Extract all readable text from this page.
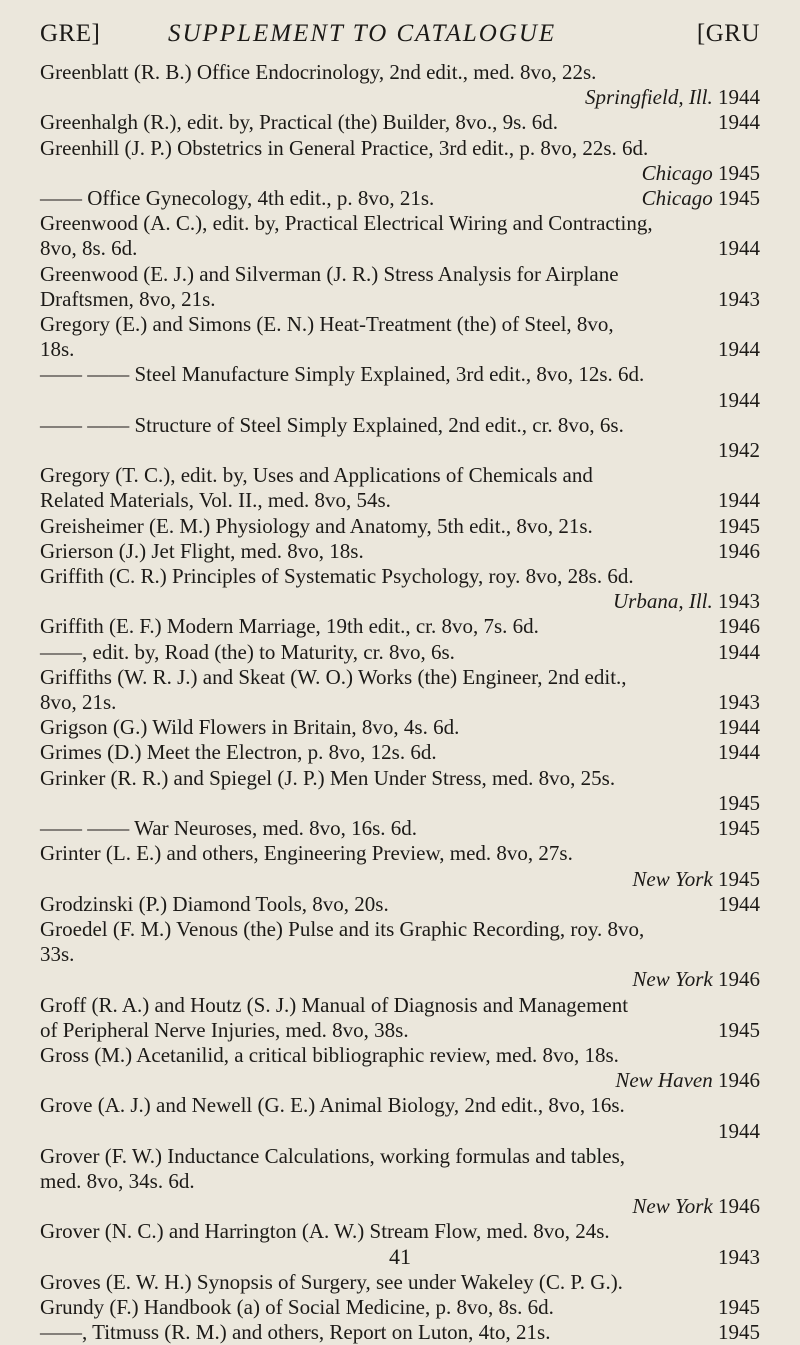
GRE]	SUPPLEMENT TO CATALOGUE	[GRU
Greenblatt (R. B.) Office Endocrinology, 2nd edit., med. 8vo, 22s.
Springfield, Ill. 1944
Greenhalgh (R.), edit. by, Practical (the) Builder, 8vo., 9s. 6d.	1944
Greenhill (J. P.) Obstetrics in General Practice, 3rd edit., p. 8vo, 22s. 6d.
Chicago 1945
—— Office Gynecology, 4th edit., p. 8vo, 21s.	Chicago 1945
Greenwood (A. C.), edit. by, Practical Electrical Wiring and Contracting,
8vo, 8s. 6d.	1944
Greenwood (E. J.) and Silverman (J. R.) Stress Analysis for Airplane
Draftsmen, 8vo, 21s.	1943
Gregory (E.) and Simons (E. N.) Heat-Treatment (the) of Steel, 8vo,
18s.	1944
—— —— Steel Manufacture Simply Explained, 3rd edit., 8vo, 12s. 6d.
1944
—— —— Structure of Steel Simply Explained, 2nd edit., cr. 8vo, 6s.
1942
Gregory (T. C.), edit. by, Uses and Applications of Chemicals and
Related Materials, Vol. II., med. 8vo, 54s.	1944
Greisheimer (E. M.) Physiology and Anatomy, 5th edit., 8vo, 21s.	1945
Grierson (J.) Jet Flight, med. 8vo, 18s.	1946
Griffith (C. R.) Principles of Systematic Psychology, roy. 8vo, 28s. 6d.
Urbana, Ill. 1943
Griffith (E. F.) Modern Marriage, 19th edit., cr. 8vo, 7s. 6d.	1946
——, edit. by, Road (the) to Maturity, cr. 8vo, 6s.	1944
Griffiths (W. R. J.) and Skeat (W. O.) Works (the) Engineer, 2nd edit.,
8vo, 21s.	1943
Grigson (G.) Wild Flowers in Britain, 8vo, 4s. 6d.	1944
Grimes (D.) Meet the Electron, p. 8vo, 12s. 6d.	1944
Grinker (R. R.) and Spiegel (J. P.) Men Under Stress, med. 8vo, 25s.
1945
—— —— War Neuroses, med. 8vo, 16s. 6d.	1945
Grinter (L. E.) and others, Engineering Preview, med. 8vo, 27s.
New York 1945
Grodzinski (P.) Diamond Tools, 8vo, 20s.	1944
Groedel (F. M.) Venous (the) Pulse and its Graphic Recording, roy. 8vo,
33s.
New York 1946
Groff (R. A.) and Houtz (S. J.) Manual of Diagnosis and Management
of Peripheral Nerve Injuries, med. 8vo, 38s.	1945
Gross (M.) Acetanilid, a critical bibliographic review, med. 8vo, 18s.
New Haven 1946
Grove (A. J.) and Newell (G. E.) Animal Biology, 2nd edit., 8vo, 16s.
1944
Grover (F. W.) Inductance Calculations, working formulas and tables,
med. 8vo, 34s. 6d.
New York 1946
Grover (N. C.) and Harrington (A. W.) Stream Flow, med. 8vo, 24s.
1943
Groves (E. W. H.) Synopsis of Surgery, see under Wakeley (C. P. G.).
Grundy (F.) Handbook (a) of Social Medicine, p. 8vo, 8s. 6d.	1945
——, Titmuss (R. M.) and others, Report on Luton, 4to, 21s.	1945
41
